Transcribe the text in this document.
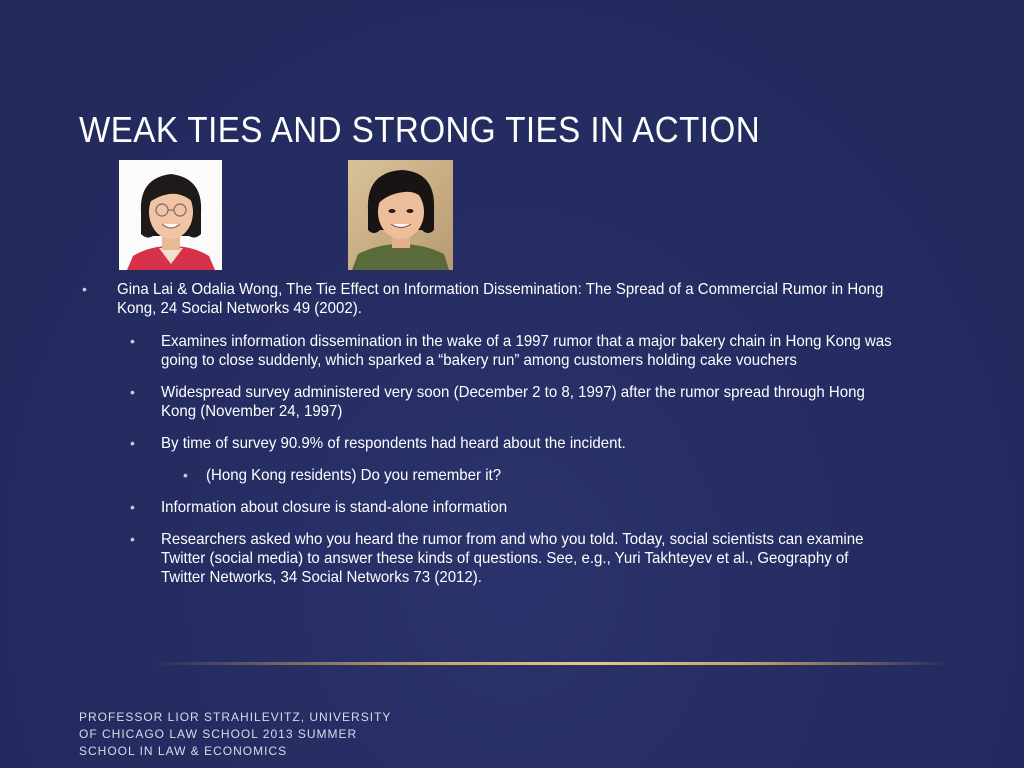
WEAK TIES AND STRONG TIES IN ACTION

• Gina Lai & Odalia Wong, The Tie Effect on Information Dissemination: The Spread of a Commercial Rumor in Hong Kong, 24 Social Networks 49 (2002).

• Examines information dissemination in the wake of a 1997 rumor that a major bakery chain in Hong Kong was going to close suddenly, which sparked a “bakery run” among customers holding cake vouchers

• Widespread survey administered very soon (December 2 to 8, 1997) after the rumor spread through Hong Kong (November 24, 1997)

• By time of survey 90.9% of respondents had heard about the incident.

• (Hong Kong residents) Do you remember it?

• Information about closure is stand-alone information

• Researchers asked who you heard the rumor from and who you told. Today, social scientists can examine Twitter (social media) to answer these kinds of questions. See, e.g., Yuri Takhteyev et al., Geography of Twitter Networks, 34 Social Networks 73 (2012).

PROFESSOR LIOR STRAHILEVITZ, UNIVERSITY OF CHICAGO LAW SCHOOL 2013 SUMMER SCHOOL IN LAW & ECONOMICS
